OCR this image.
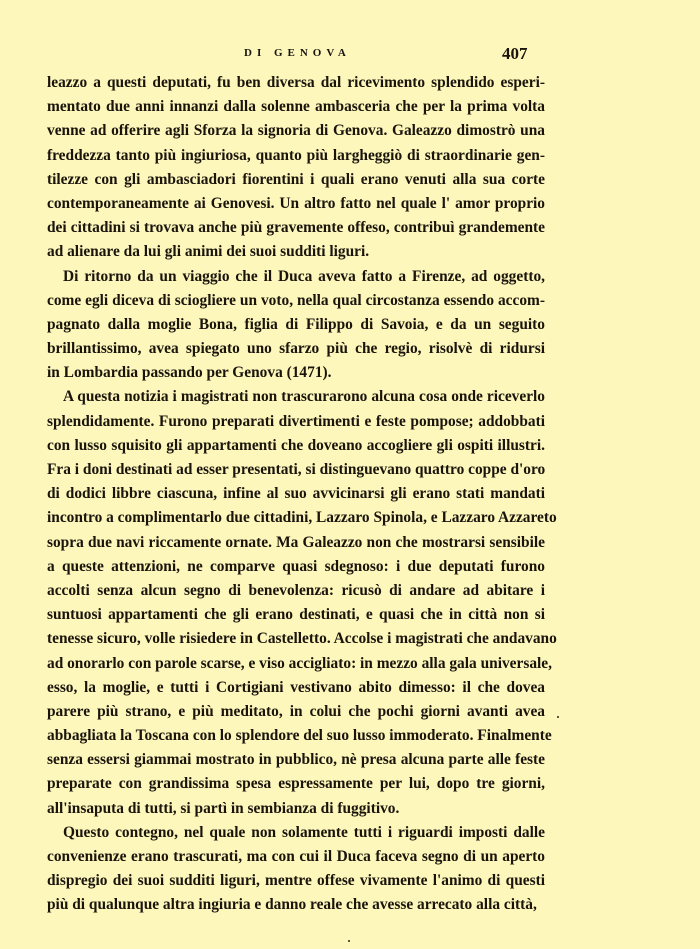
DI GENOVA	407
leazzo a questi deputati, fu ben diversa dal ricevimento splendido esperi-
mentato due anni innanzi dalla solenne ambasceria che per la prima volta
venne ad offerire agli Sforza la signoria di Genova. Galeazzo dimostrò una
freddezza tanto più ingiuriosa, quanto più largheggiò di straordinarie gen-
tilezze con gli ambasciadori fiorentini i quali erano venuti alla sua corte
contemporaneamente ai Genovesi. Un altro fatto nel quale l' amor proprio
dei cittadini si trovava anche più gravemente offeso, contribuì grandemente
ad alienare da lui gli animi dei suoi sudditi liguri.
Di ritorno da un viaggio che il Duca aveva fatto a Firenze, ad oggetto,
come egli diceva di sciogliere un voto, nella qual circostanza essendo accom-
pagnato dalla moglie Bona, figlia di Filippo di Savoia, e da un seguito
brillantissimo, avea spiegato uno sfarzo più che regio, risolvè di ridursi
in Lombardia passando per Genova (1471).
A questa notizia i magistrati non trascurarono alcuna cosa onde riceverlo
splendidamente. Furono preparati divertimenti e feste pompose; addobbati
con lusso squisito gli appartamenti che doveano accogliere gli ospiti illustri.
Fra i doni destinati ad esser presentati, si distinguevano quattro coppe d'oro
di dodici libbre ciascuna, infine al suo avvicinarsi gli erano stati mandati
incontro a complimentarlo due cittadini, Lazzaro Spinola, e Lazzaro Azzareto
sopra due navi riccamente ornate. Ma Galeazzo non che mostrarsi sensibile
a queste attenzioni, ne comparve quasi sdegnoso: i due deputati furono
accolti senza alcun segno di benevolenza: ricusò di andare ad abitare i
suntuosi appartamenti che gli erano destinati, e quasi che in città non si
tenesse sicuro, volle risiedere in Castelletto. Accolse i magistrati che andavano
ad onorarlo con parole scarse, e viso accigliato: in mezzo alla gala universale,
esso, la moglie, e tutti i Cortigiani vestivano abito dimesso: il che dovea
parere più strano, e più meditato, in colui che pochi giorni avanti avea
abbagliata la Toscana con lo splendore del suo lusso immoderato. Finalmente
senza essersi giammai mostrato in pubblico, nè presa alcuna parte alle feste
preparate con grandissima spesa espressamente per lui, dopo tre giorni,
all'insaputa di tutti, si partì in sembianza di fuggitivo.
Questo contegno, nel quale non solamente tutti i riguardi imposti dalle
convenienze erano trascurati, ma con cui il Duca faceva segno di un aperto
dispregio dei suoi sudditi liguri, mentre offese vivamente l'animo di questi
più di qualunque altra ingiuria e danno reale che avesse arrecato alla città,
